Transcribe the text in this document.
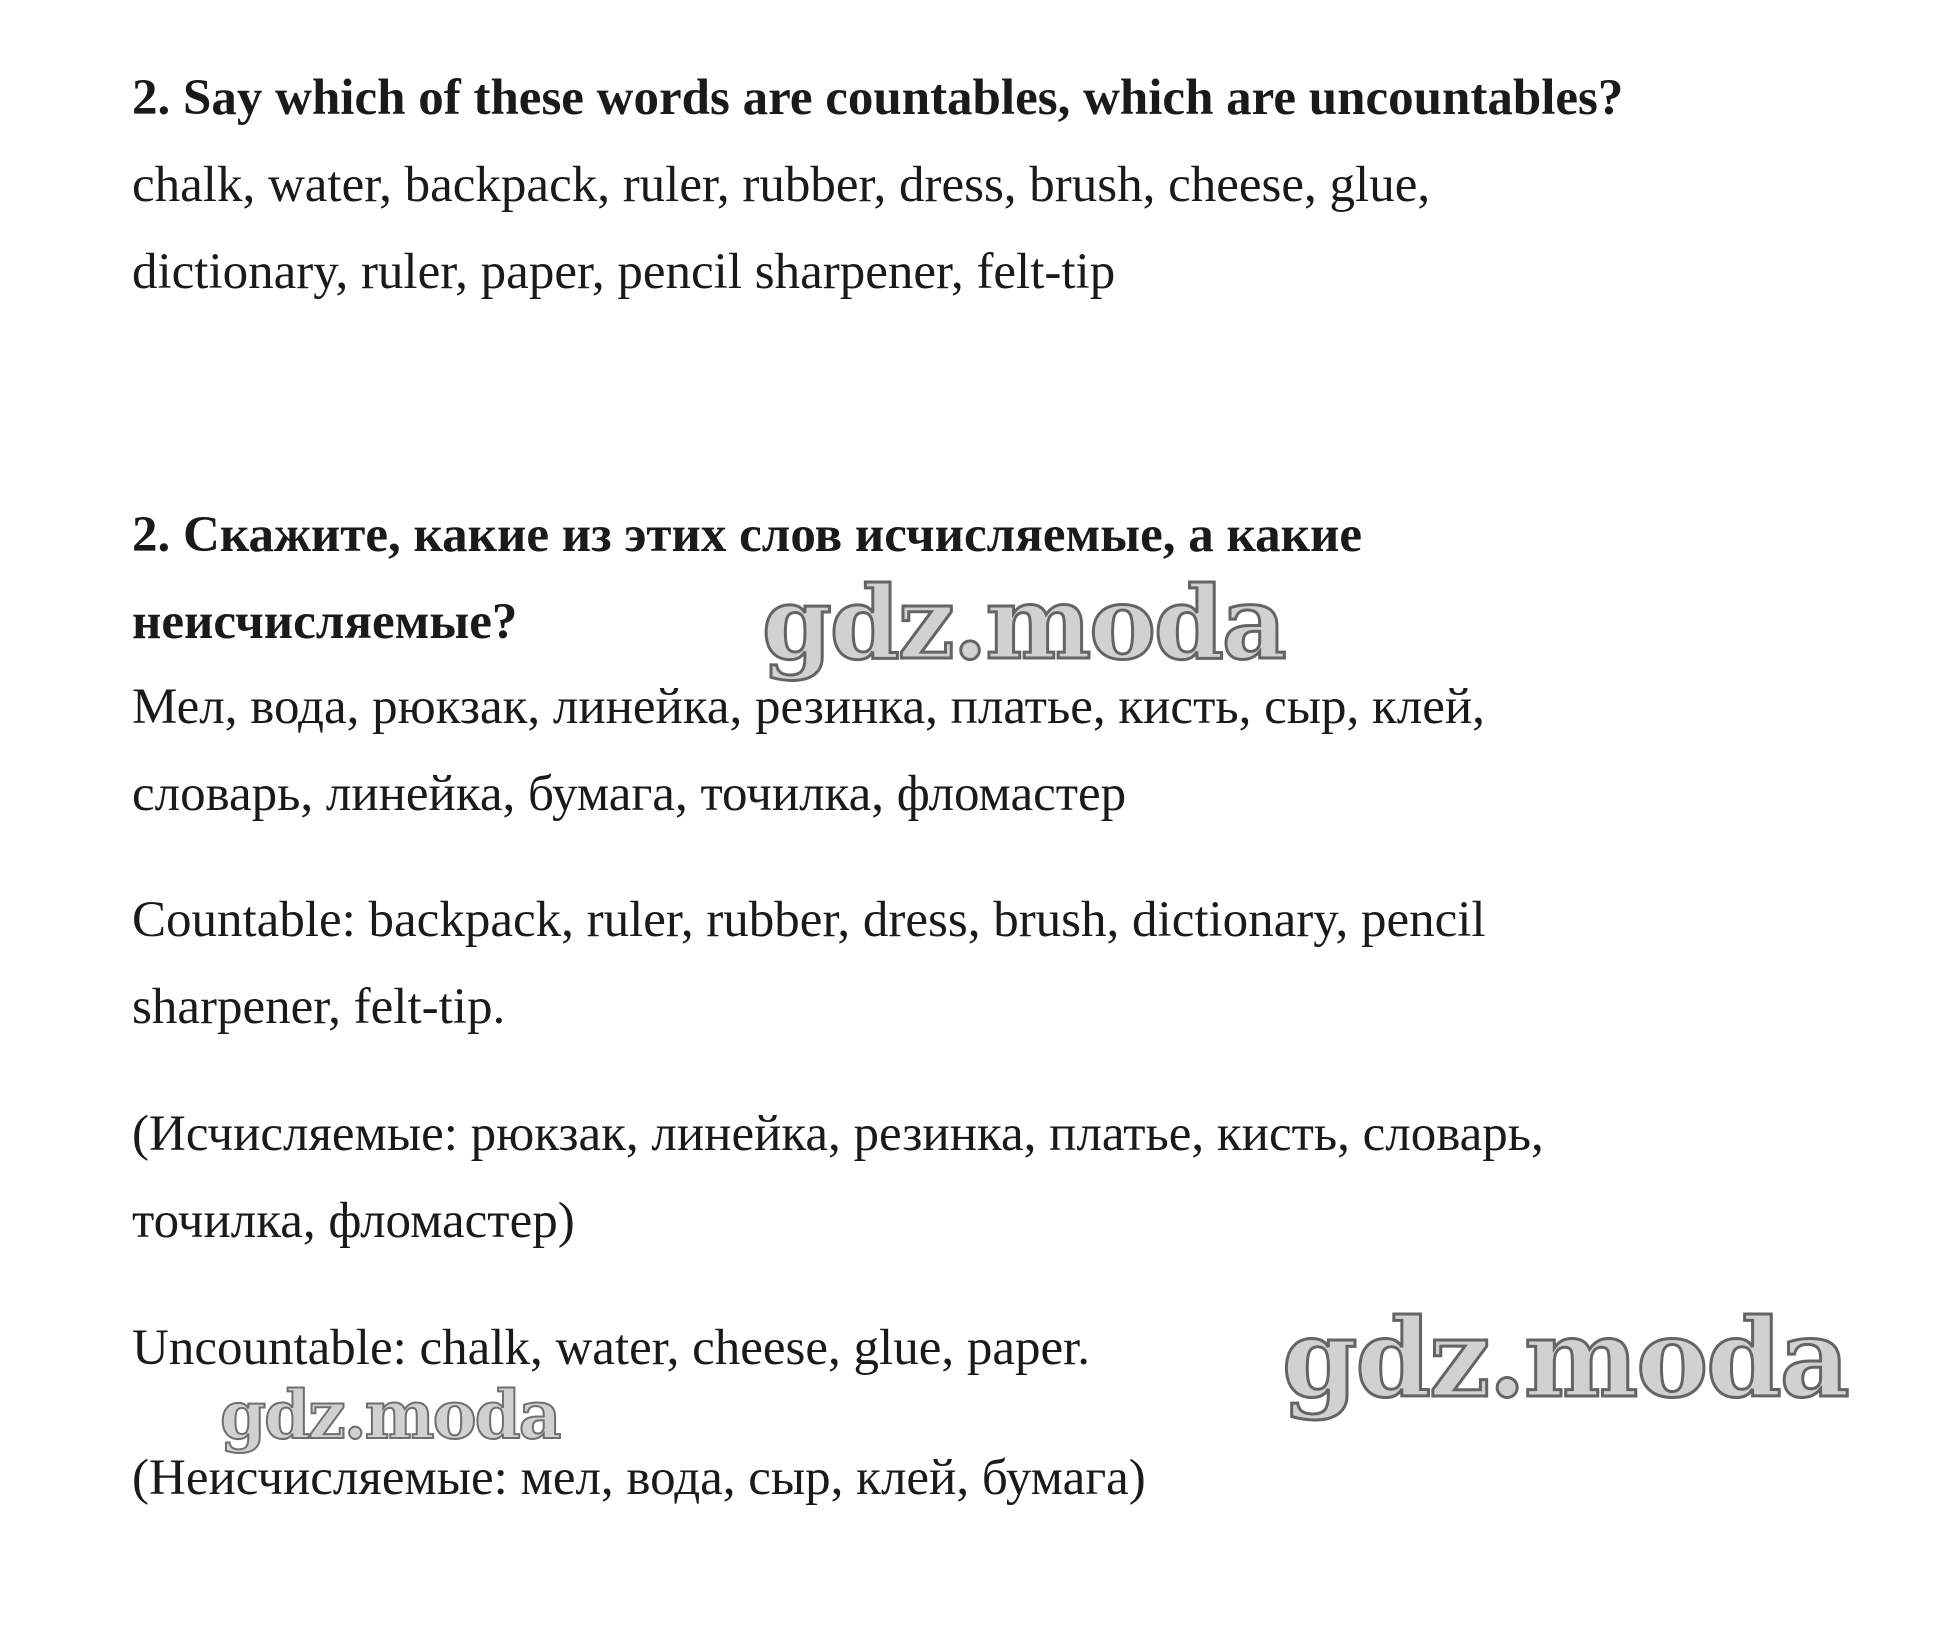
2. Say which of these words are countables, which are uncountables?
chalk, water, backpack, ruler, rubber, dress, brush, cheese, glue,
dictionary, ruler, paper, pencil sharpener, felt-tip
2. Скажите, какие из этих слов исчисляемые, а какие
неисчисляемые?
Мел, вода, рюкзак, линейка, резинка, платье, кисть, сыр, клей,
словарь, линейка, бумага, точилка, фломастер
Countable: backpack, ruler, rubber, dress, brush, dictionary, pencil
sharpener, felt-tip.
(Исчисляемые: рюкзак, линейка, резинка, платье, кисть, словарь,
точилка, фломастер)
Uncountable: chalk, water, cheese, glue, paper.
(Неисчисляемые: мел, вода, сыр, клей, бумага)
gdz.moda
gdz.moda
gdz.moda
